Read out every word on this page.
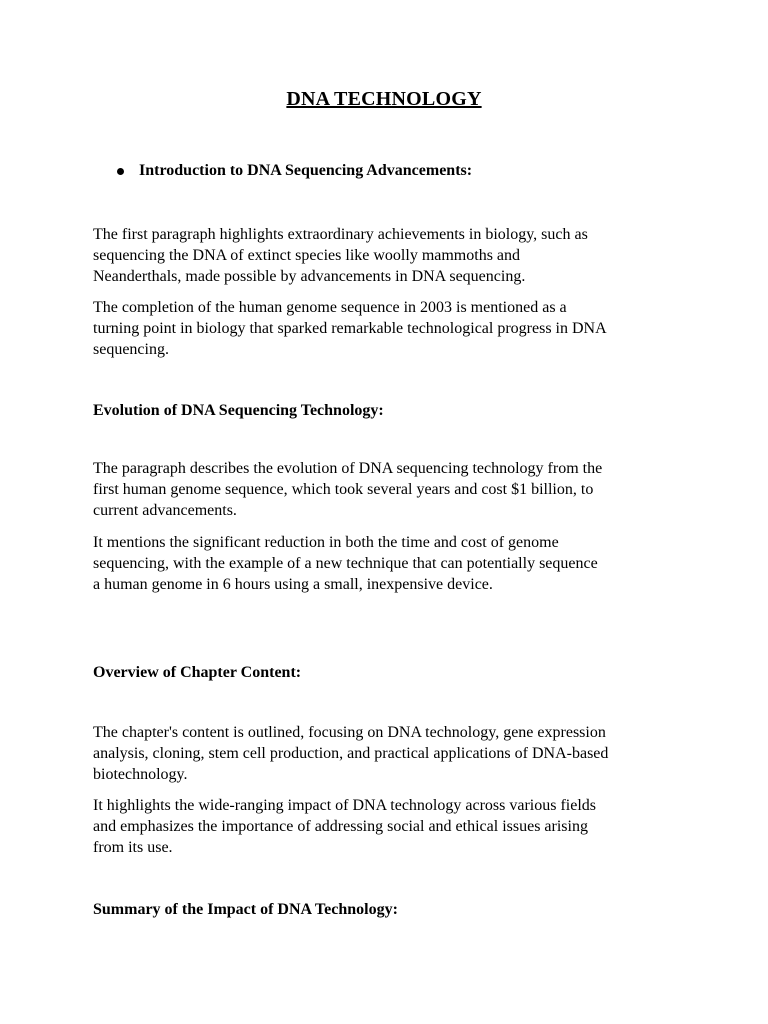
DNA TECHNOLOGY
Introduction to DNA Sequencing Advancements:

The first paragraph highlights extraordinary achievements in biology, such as
sequencing the DNA of extinct species like woolly mammoths and
Neanderthals, made possible by advancements in DNA sequencing.

The completion of the human genome sequence in 2003 is mentioned as a
turning point in biology that sparked remarkable technological progress in DNA
sequencing.

Evolution of DNA Sequencing Technology:

The paragraph describes the evolution of DNA sequencing technology from the
first human genome sequence, which took several years and cost $1 billion, to
current advancements.

It mentions the significant reduction in both the time and cost of genome
sequencing, with the example of a new technique that can potentially sequence
a human genome in 6 hours using a small, inexpensive device.

Overview of Chapter Content:

The chapter's content is outlined, focusing on DNA technology, gene expression
analysis, cloning, stem cell production, and practical applications of DNA-based
biotechnology.

It highlights the wide-ranging impact of DNA technology across various fields
and emphasizes the importance of addressing social and ethical issues arising
from its use.

Summary of the Impact of DNA Technology:
